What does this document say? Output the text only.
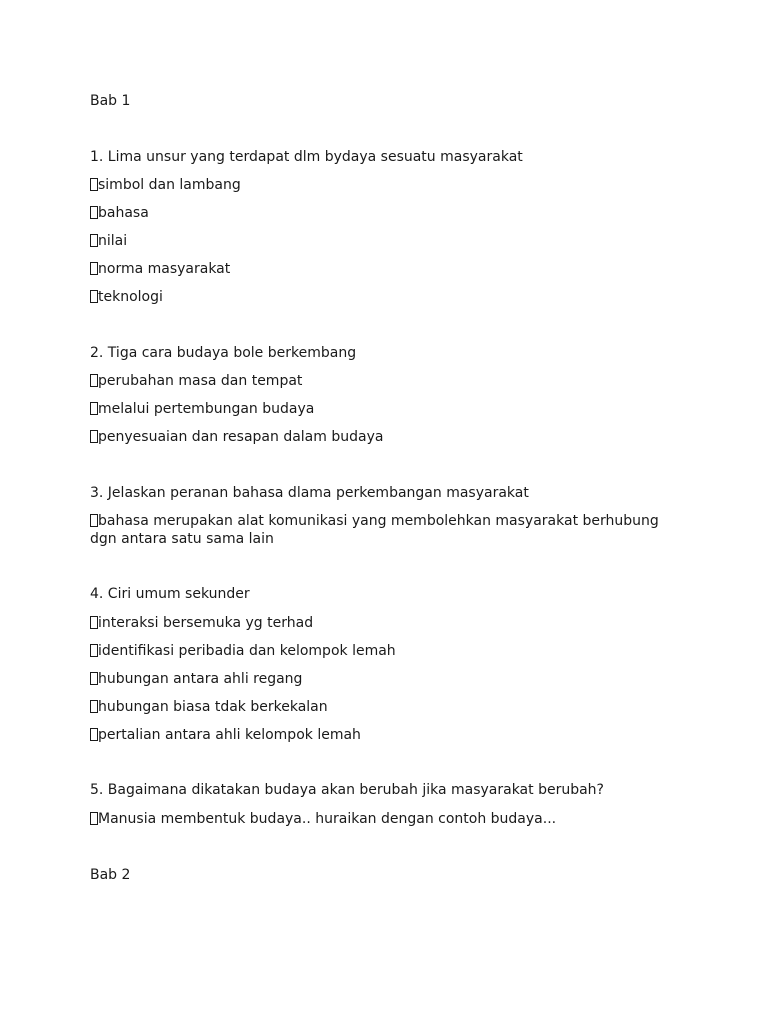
Bab 1
1. Lima unsur yang terdapat dlm bydaya sesuatu masyarakat
simbol dan lambang
bahasa
nilai
norma masyarakat
teknologi
2. Tiga cara budaya bole berkembang
perubahan masa dan tempat
melalui pertembungan budaya
penyesuaian dan resapan dalam budaya
3. Jelaskan peranan bahasa dlama perkembangan masyarakat
bahasa merupakan alat komunikasi yang membolehkan masyarakat berhubung dgn antara satu sama lain
4. Ciri umum sekunder
interaksi bersemuka yg terhad
identifikasi peribadia dan kelompok lemah
hubungan antara ahli regang
hubungan biasa tdak berkekalan
pertalian antara ahli kelompok lemah
5. Bagaimana dikatakan budaya akan berubah jika masyarakat berubah?
Manusia membentuk budaya.. huraikan dengan contoh budaya...
Bab 2
